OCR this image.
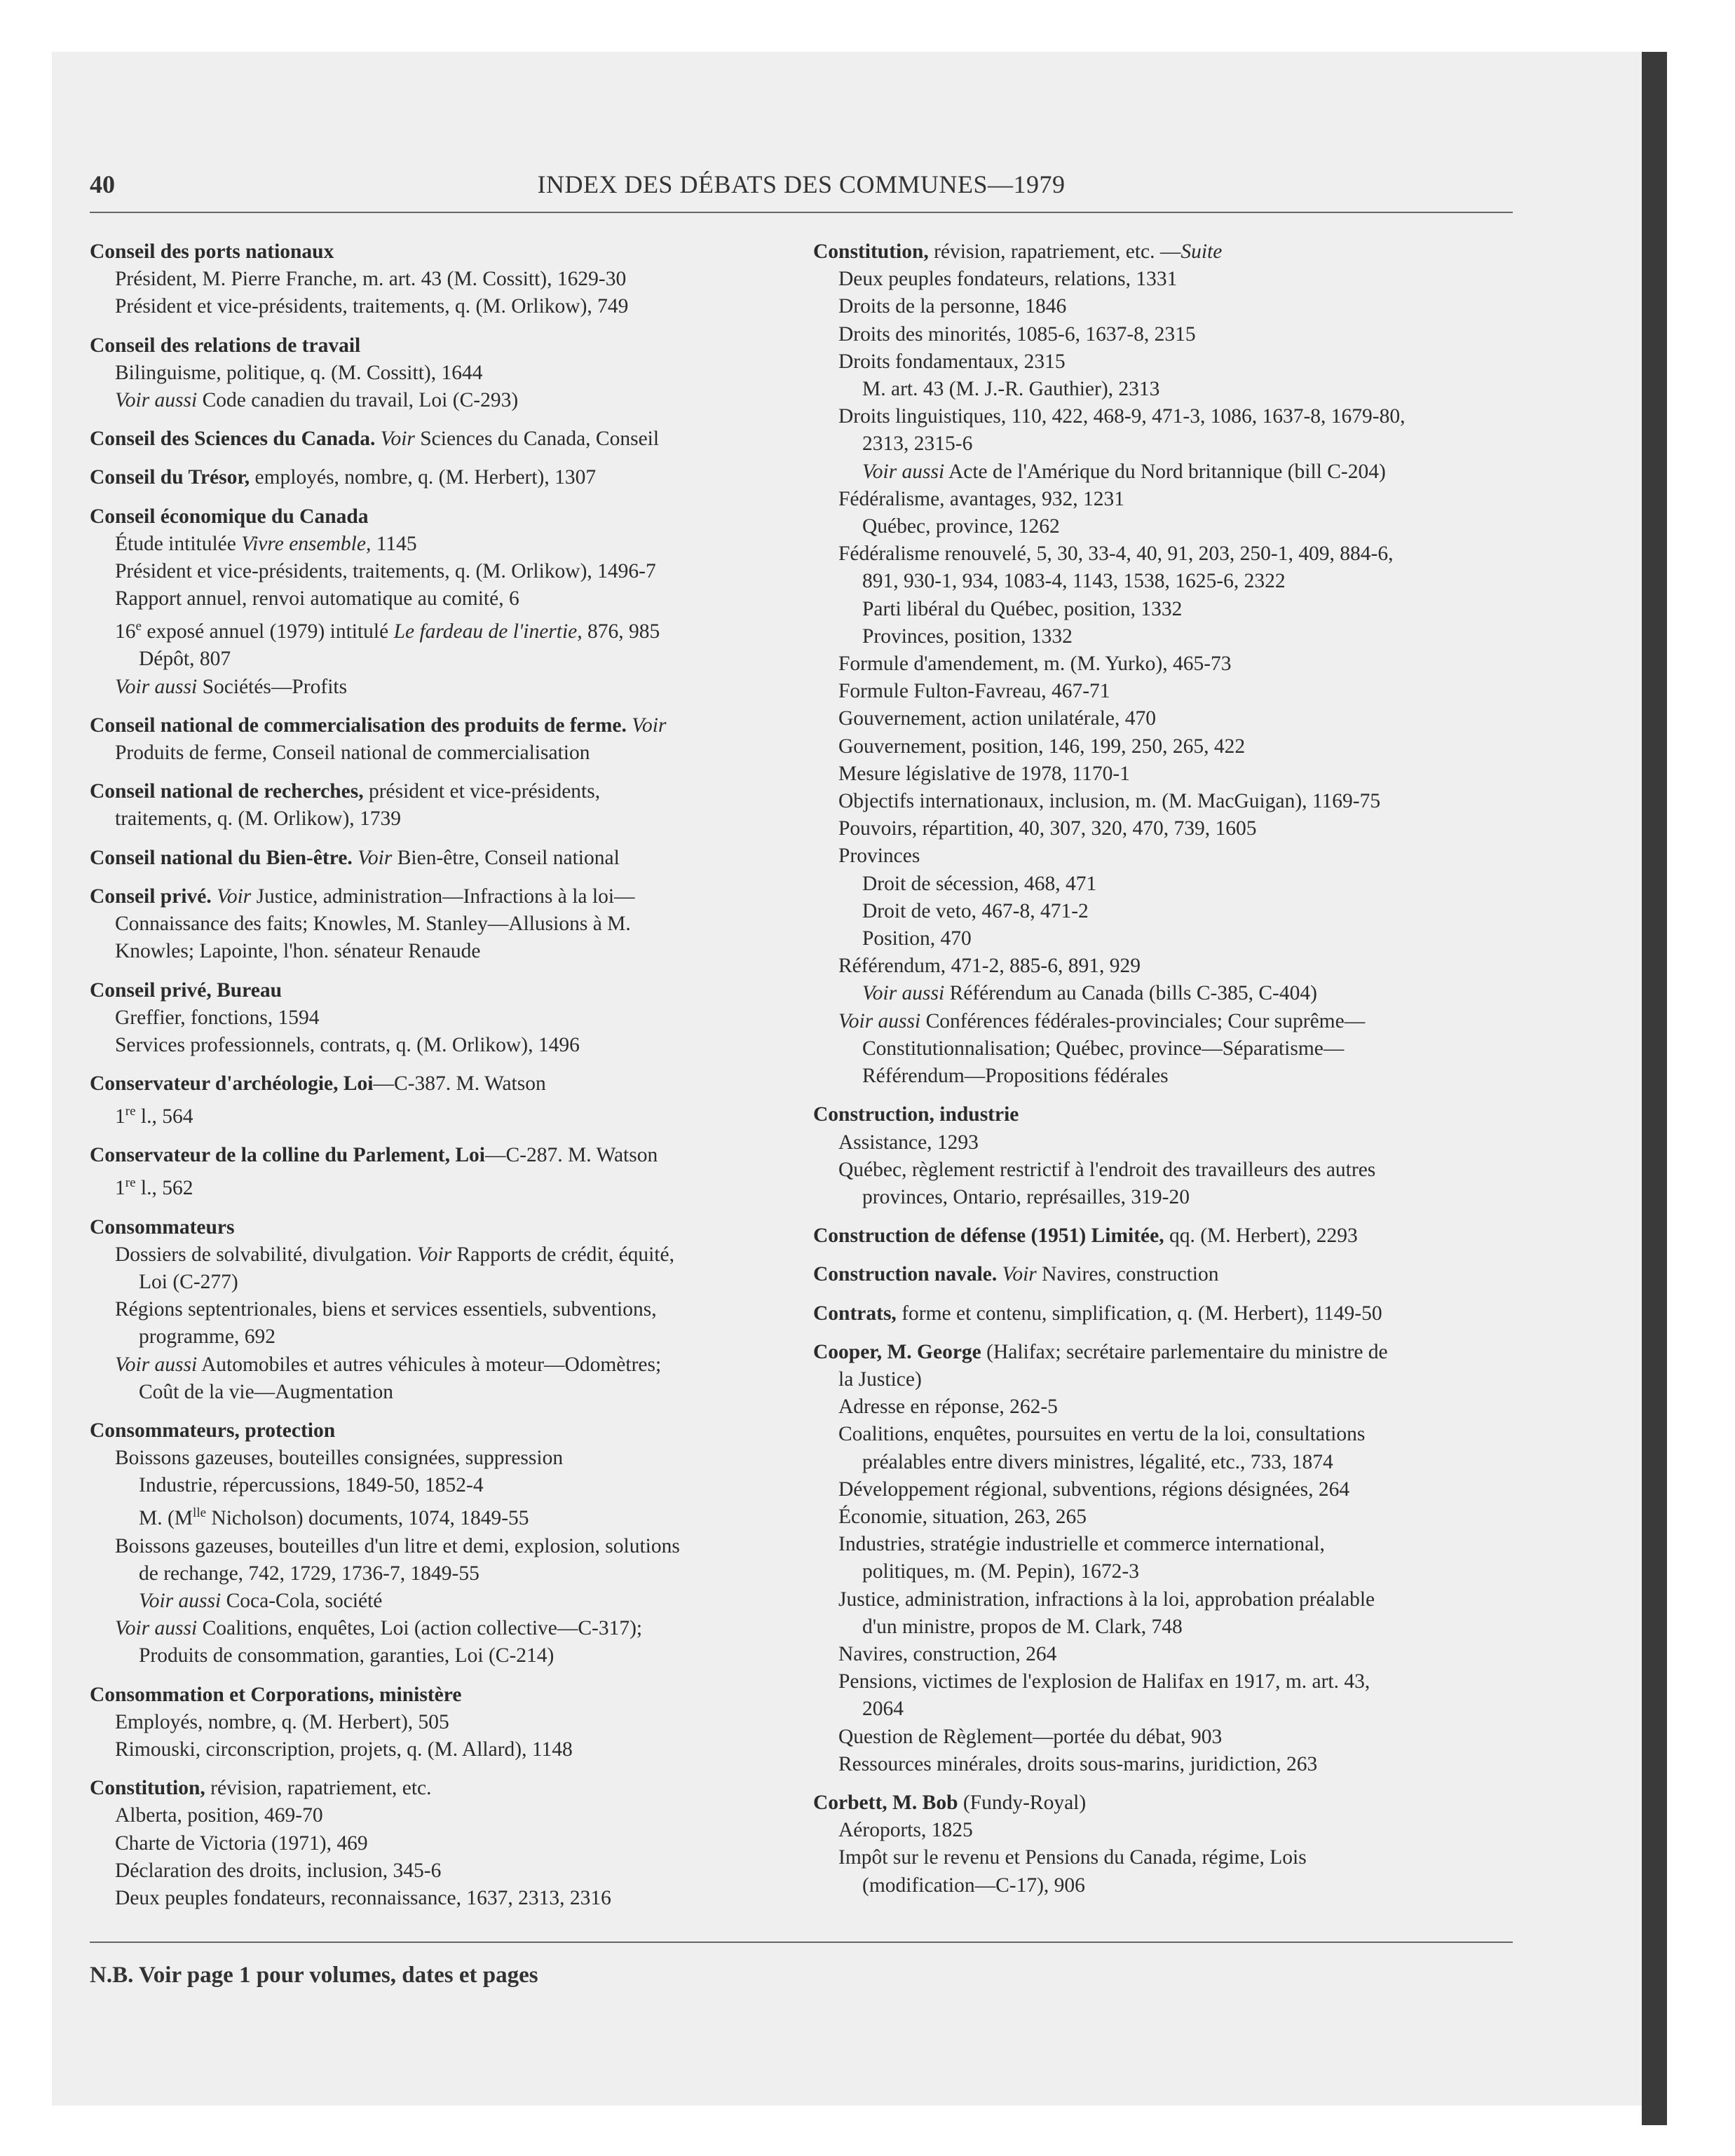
40	INDEX DES DÉBATS DES COMMUNES—1979
Conseil des ports nationaux
Président, M. Pierre Franche, m. art. 43 (M. Cossitt), 1629-30
Président et vice-présidents, traitements, q. (M. Orlikow), 749
Conseil des relations de travail
Bilinguisme, politique, q. (M. Cossitt), 1644
Voir aussi Code canadien du travail, Loi (C-293)
Conseil des Sciences du Canada. Voir Sciences du Canada, Conseil
Conseil du Trésor, employés, nombre, q. (M. Herbert), 1307
Conseil économique du Canada
Étude intitulée Vivre ensemble, 1145
Président et vice-présidents, traitements, q. (M. Orlikow), 1496-7
Rapport annuel, renvoi automatique au comité, 6
16e exposé annuel (1979) intitulé Le fardeau de l'inertie, 876, 985
Dépôt, 807
Voir aussi Sociétés—Profits
Conseil national de commercialisation des produits de ferme. Voir
Produits de ferme, Conseil national de commercialisation
Conseil national de recherches, président et vice-présidents,
traitements, q. (M. Orlikow), 1739
Conseil national du Bien-être. Voir Bien-être, Conseil national
Conseil privé. Voir Justice, administration—Infractions à la loi—
Connaissance des faits; Knowles, M. Stanley—Allusions à M.
Knowles; Lapointe, l'hon. sénateur Renaude
Conseil privé, Bureau
Greffier, fonctions, 1594
Services professionnels, contrats, q. (M. Orlikow), 1496
Conservateur d'archéologie, Loi—C-387. M. Watson
1re l., 564
Conservateur de la colline du Parlement, Loi—C-287. M. Watson
1re l., 562
Consommateurs
Dossiers de solvabilité, divulgation. Voir Rapports de crédit, équité,
Loi (C-277)
Régions septentrionales, biens et services essentiels, subventions,
programme, 692
Voir aussi Automobiles et autres véhicules à moteur—Odomètres;
Coût de la vie—Augmentation
Consommateurs, protection
Boissons gazeuses, bouteilles consignées, suppression
Industrie, répercussions, 1849-50, 1852-4
M. ($M^{lle}$ Nicholson) documents, 1074, 1849-55
Boissons gazeuses, bouteilles d'un litre et demi, explosion, solutions
de rechange, 742, 1729, 1736-7, 1849-55
Voir aussi Coca-Cola, société
Voir aussi Coalitions, enquêtes, Loi (action collective—C-317);
Produits de consommation, garanties, Loi (C-214)
Consommation et Corporations, ministère
Employés, nombre, q. (M. Herbert), 505
Rimouski, circonscription, projets, q. (M. Allard), 1148
Constitution, révision, rapatriement, etc.
Alberta, position, 469-70
Charte de Victoria (1971), 469
Déclaration des droits, inclusion, 345-6
Deux peuples fondateurs, reconnaissance, 1637, 2313, 2316
Constitution, révision, rapatriement, etc. —Suite
Deux peuples fondateurs, relations, 1331
Droits de la personne, 1846
Droits des minorités, 1085-6, 1637-8, 2315
Droits fondamentaux, 2315
M. art. 43 (M. J.-R. Gauthier), 2313
Droits linguistiques, 110, 422, 468-9, 471-3, 1086, 1637-8, 1679-80,
2313, 2315-6
Voir aussi Acte de l'Amérique du Nord britannique (bill C-204)
Fédéralisme, avantages, 932, 1231
Québec, province, 1262
Fédéralisme renouvelé, 5, 30, 33-4, 40, 91, 203, 250-1, 409, 884-6,
891, 930-1, 934, 1083-4, 1143, 1538, 1625-6, 2322
Parti libéral du Québec, position, 1332
Provinces, position, 1332
Formule d'amendement, m. (M. Yurko), 465-73
Formule Fulton-Favreau, 467-71
Gouvernement, action unilatérale, 470
Gouvernement, position, 146, 199, 250, 265, 422
Mesure législative de 1978, 1170-1
Objectifs internationaux, inclusion, m. (M. MacGuigan), 1169-75
Pouvoirs, répartition, 40, 307, 320, 470, 739, 1605
Provinces
Droit de sécession, 468, 471
Droit de veto, 467-8, 471-2
Position, 470
Référendum, 471-2, 885-6, 891, 929
Voir aussi Référendum au Canada (bills C-385, C-404)
Voir aussi Conférences fédérales-provinciales; Cour suprême—
Constitutionnalisation; Québec, province—Séparatisme—
Référendum—Propositions fédérales
Construction, industrie
Assistance, 1293
Québec, règlement restrictif à l'endroit des travailleurs des autres
provinces, Ontario, représailles, 319-20
Construction de défense (1951) Limitée, qq. (M. Herbert), 2293
Construction navale. Voir Navires, construction
Contrats, forme et contenu, simplification, q. (M. Herbert), 1149-50
Cooper, M. George (Halifax; secrétaire parlementaire du ministre de
la Justice)
Adresse en réponse, 262-5
Coalitions, enquêtes, poursuites en vertu de la loi, consultations
préalables entre divers ministres, légalité, etc., 733, 1874
Développement régional, subventions, régions désignées, 264
Économie, situation, 263, 265
Industries, stratégie industrielle et commerce international,
politiques, m. (M. Pepin), 1672-3
Justice, administration, infractions à la loi, approbation préalable
d'un ministre, propos de M. Clark, 748
Navires, construction, 264
Pensions, victimes de l'explosion de Halifax en 1917, m. art. 43,
2064
Question de Règlement—portée du débat, 903
Ressources minérales, droits sous-marins, juridiction, 263
Corbett, M. Bob (Fundy-Royal)
Aéroports, 1825
Impôt sur le revenu et Pensions du Canada, régime, Lois
(modification—C-17), 906
N.B. Voir page 1 pour volumes, dates et pages
